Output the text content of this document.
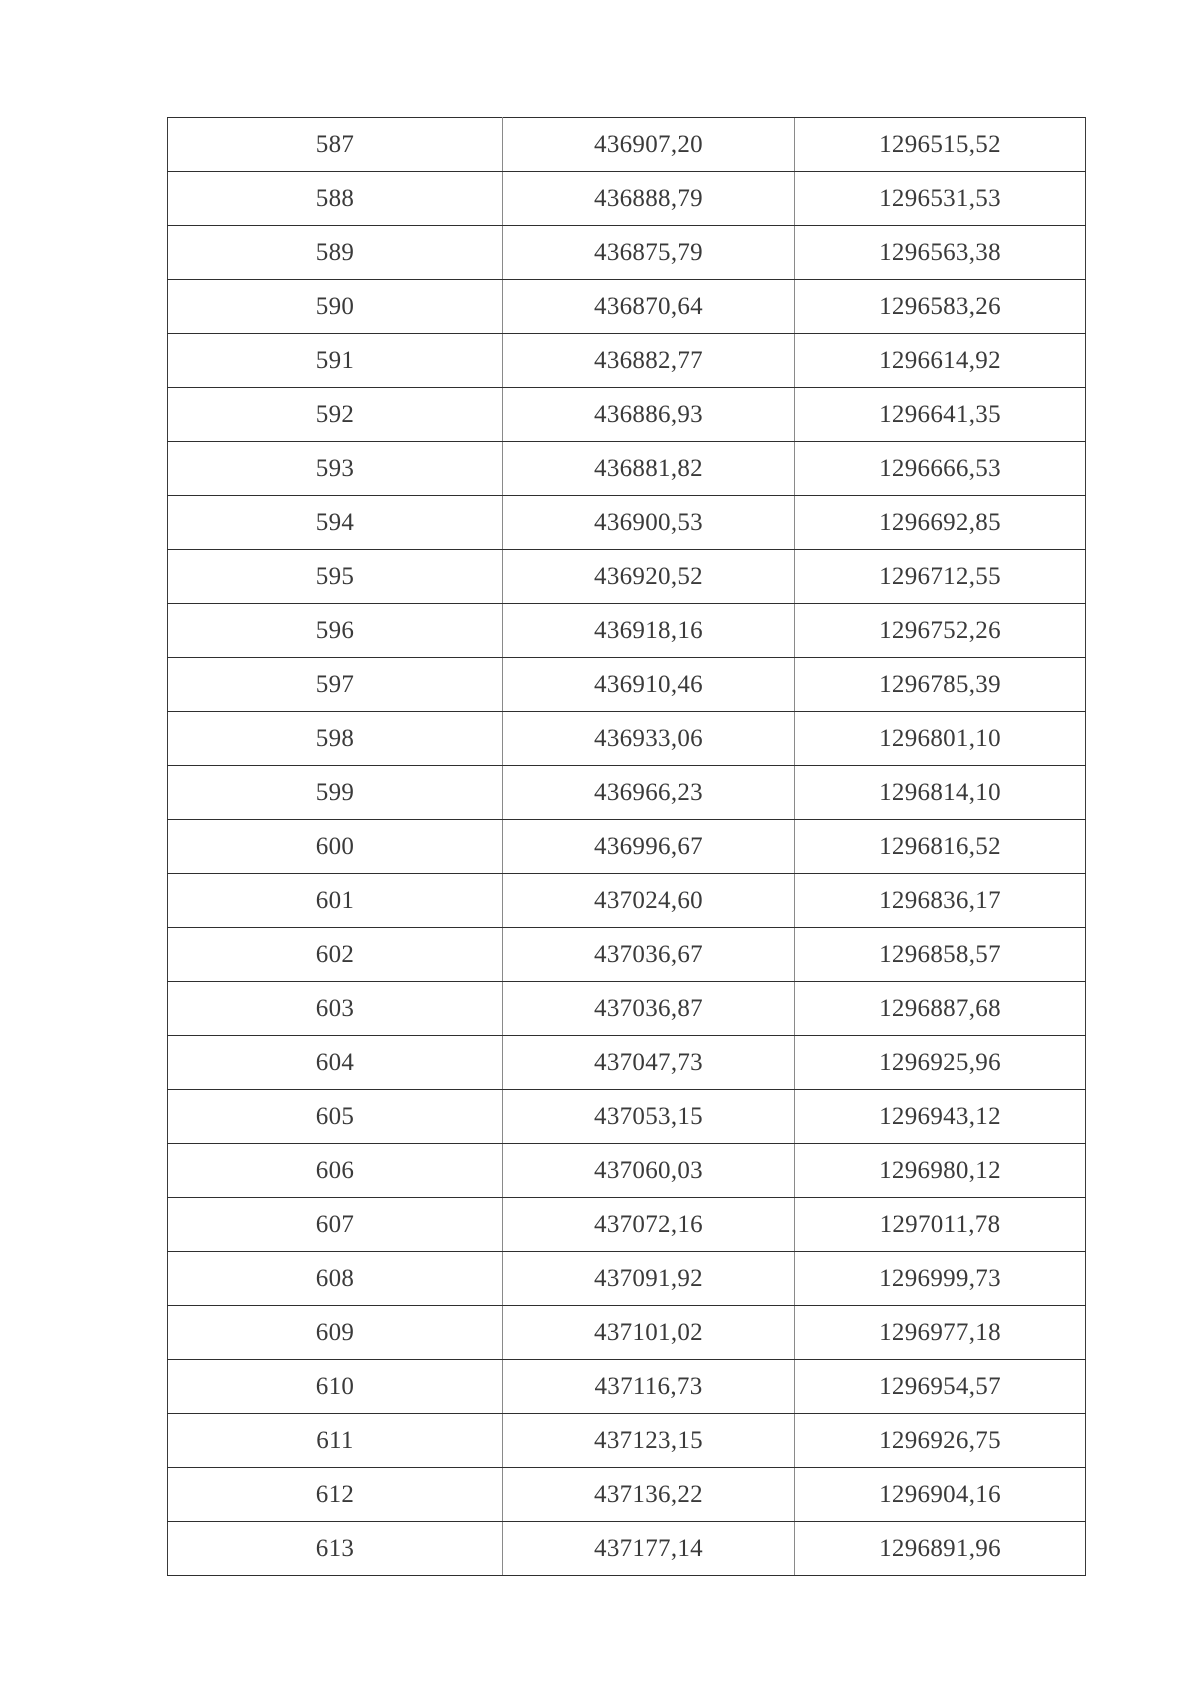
587	436907,20	1296515,52
588	436888,79	1296531,53
589	436875,79	1296563,38
590	436870,64	1296583,26
591	436882,77	1296614,92
592	436886,93	1296641,35
593	436881,82	1296666,53
594	436900,53	1296692,85
595	436920,52	1296712,55
596	436918,16	1296752,26
597	436910,46	1296785,39
598	436933,06	1296801,10
599	436966,23	1296814,10
600	436996,67	1296816,52
601	437024,60	1296836,17
602	437036,67	1296858,57
603	437036,87	1296887,68
604	437047,73	1296925,96
605	437053,15	1296943,12
606	437060,03	1296980,12
607	437072,16	1297011,78
608	437091,92	1296999,73
609	437101,02	1296977,18
610	437116,73	1296954,57
611	437123,15	1296926,75
612	437136,22	1296904,16
613	437177,14	1296891,96
